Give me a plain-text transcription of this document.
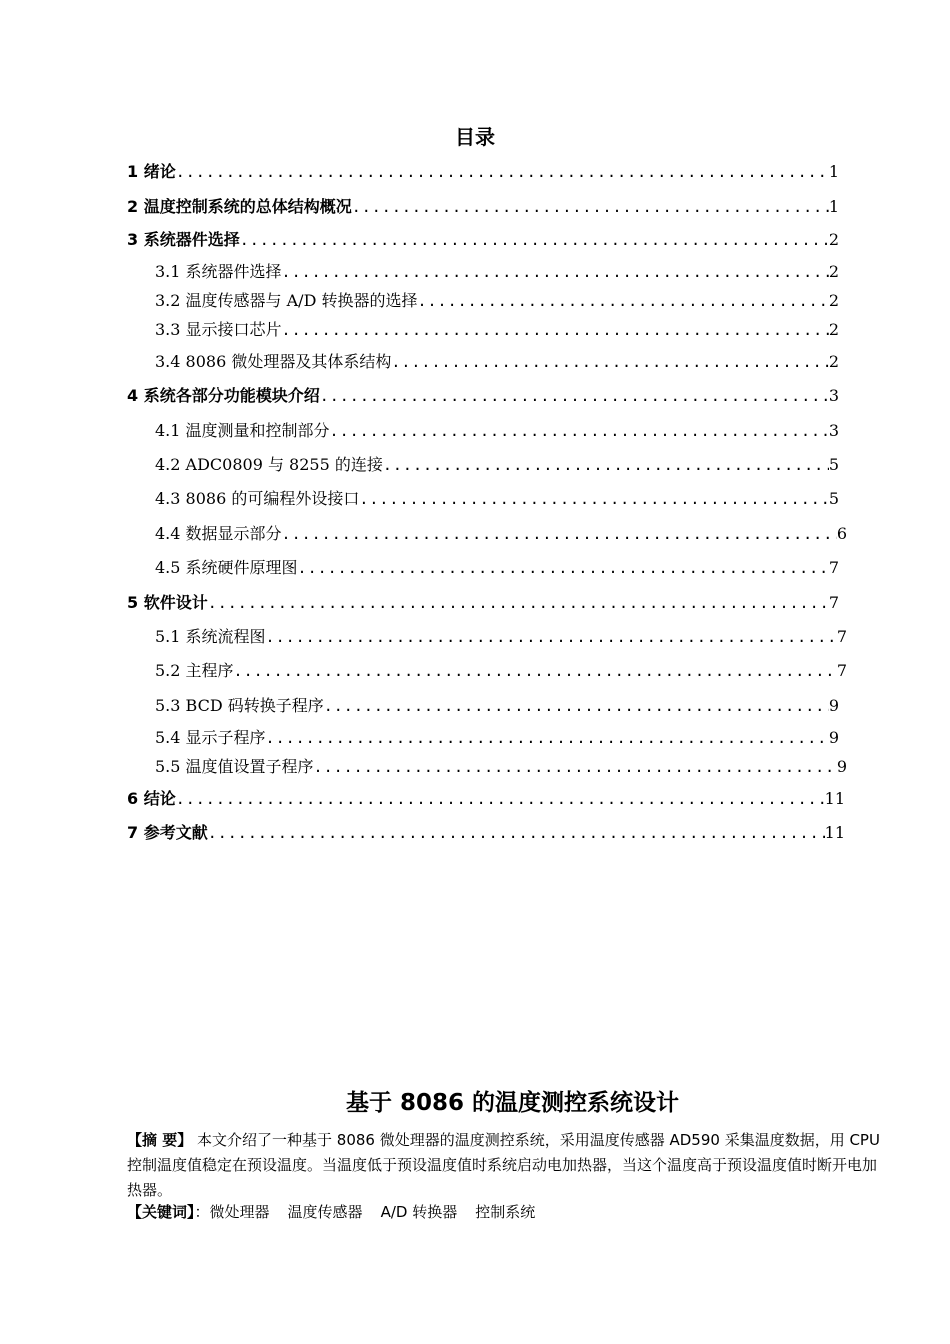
目录
1 绪论 .....	1
2 温度控制系统的总体结构概况 .....	1
3 系统器件选择 .....	2
3.1 系统器件选择 .....	2
3.2 温度传感器与 A/D 转换器的选择 .....	2
3.3 显示接口芯片 .....	2
3.4 8086 微处理器及其体系结构 .....	2
4 系统各部分功能模块介绍 .....	3
4.1 温度测量和控制部分 .....	3
4.2 ADC0809 与 8255 的连接 .....	5
4.3 8086 的可编程外设接口 .....	5
4.4 数据显示部分 .....	6
4.5 系统硬件原理图 .....	7
5 软件设计 .....	7
5.1 系统流程图 .....	7
5.2 主程序 .....	7
5.3 BCD 码转换子程序 .....	9
5.4 显示子程序 .....	9
5.5 温度值设置子程序 .....	9
6 结论 .....	11
7 参考文献 .....	11
基于 8086 的温度测控系统设计
【摘 要】 本文介绍了一种基于 8086 微处理器的温度测控系统，采用温度传感器 AD590 采集温度数据，用 CPU 控制温度值稳定在预设温度。当温度低于预设温度值时系统启动电加热器，当这个温度高于预设温度值时断开电加热器。
【关键词】：微处理器 温度传感器 A/D 转换器 控制系统
